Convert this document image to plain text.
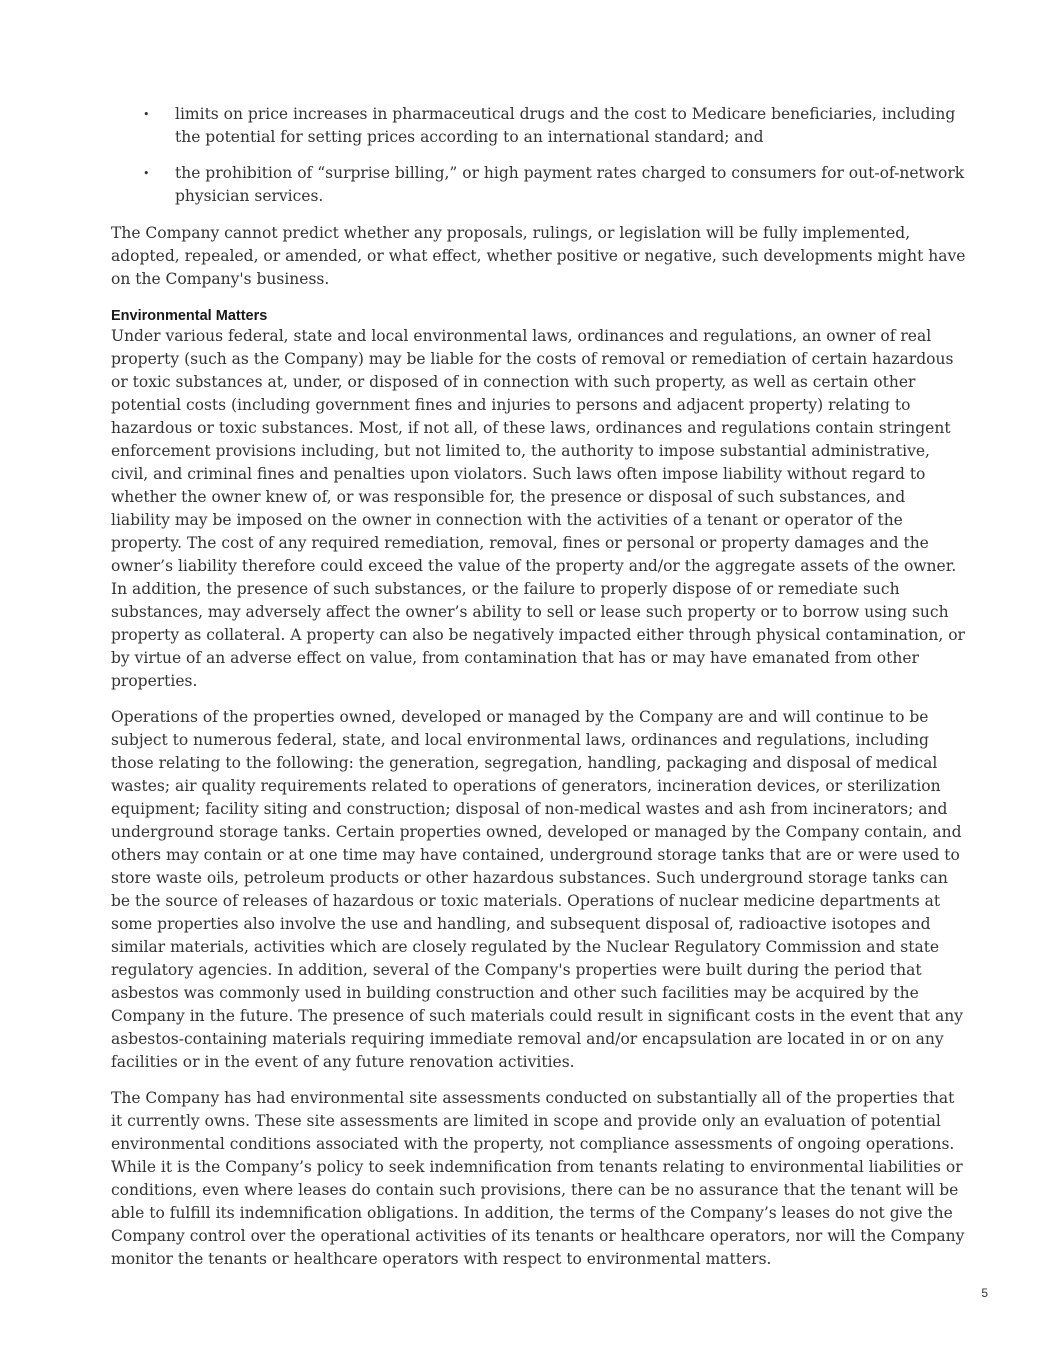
•	limits on price increases in pharmaceutical drugs and the cost to Medicare beneficiaries, including the potential for setting prices according to an international standard; and
•	the prohibition of “surprise billing,” or high payment rates charged to consumers for out-of-network physician services.

The Company cannot predict whether any proposals, rulings, or legislation will be fully implemented, adopted, repealed, or amended, or what effect, whether positive or negative, such developments might have on the Company's business.

Environmental Matters

Under various federal, state and local environmental laws, ordinances and regulations, an owner of real property (such as the Company) may be liable for the costs of removal or remediation of certain hazardous or toxic substances at, under, or disposed of in connection with such property, as well as certain other potential costs (including government fines and injuries to persons and adjacent property) relating to hazardous or toxic substances. Most, if not all, of these laws, ordinances and regulations contain stringent enforcement provisions including, but not limited to, the authority to impose substantial administrative, civil, and criminal fines and penalties upon violators. Such laws often impose liability without regard to whether the owner knew of, or was responsible for, the presence or disposal of such substances, and liability may be imposed on the owner in connection with the activities of a tenant or operator of the property. The cost of any required remediation, removal, fines or personal or property damages and the owner’s liability therefore could exceed the value of the property and/or the aggregate assets of the owner. In addition, the presence of such substances, or the failure to properly dispose of or remediate such substances, may adversely affect the owner’s ability to sell or lease such property or to borrow using such property as collateral. A property can also be negatively impacted either through physical contamination, or by virtue of an adverse effect on value, from contamination that has or may have emanated from other properties.

Operations of the properties owned, developed or managed by the Company are and will continue to be subject to numerous federal, state, and local environmental laws, ordinances and regulations, including those relating to the following: the generation, segregation, handling, packaging and disposal of medical wastes; air quality requirements related to operations of generators, incineration devices, or sterilization equipment; facility siting and construction; disposal of non-medical wastes and ash from incinerators; and underground storage tanks. Certain properties owned, developed or managed by the Company contain, and others may contain or at one time may have contained, underground storage tanks that are or were used to store waste oils, petroleum products or other hazardous substances. Such underground storage tanks can be the source of releases of hazardous or toxic materials. Operations of nuclear medicine departments at some properties also involve the use and handling, and subsequent disposal of, radioactive isotopes and similar materials, activities which are closely regulated by the Nuclear Regulatory Commission and state regulatory agencies. In addition, several of the Company's properties were built during the period that asbestos was commonly used in building construction and other such facilities may be acquired by the Company in the future. The presence of such materials could result in significant costs in the event that any asbestos-containing materials requiring immediate removal and/or encapsulation are located in or on any facilities or in the event of any future renovation activities.

The Company has had environmental site assessments conducted on substantially all of the properties that it currently owns. These site assessments are limited in scope and provide only an evaluation of potential environmental conditions associated with the property, not compliance assessments of ongoing operations. While it is the Company’s policy to seek indemnification from tenants relating to environmental liabilities or conditions, even where leases do contain such provisions, there can be no assurance that the tenant will be able to fulfill its indemnification obligations. In addition, the terms of the Company’s leases do not give the Company control over the operational activities of its tenants or healthcare operators, nor will the Company monitor the tenants or healthcare operators with respect to environmental matters.

5
